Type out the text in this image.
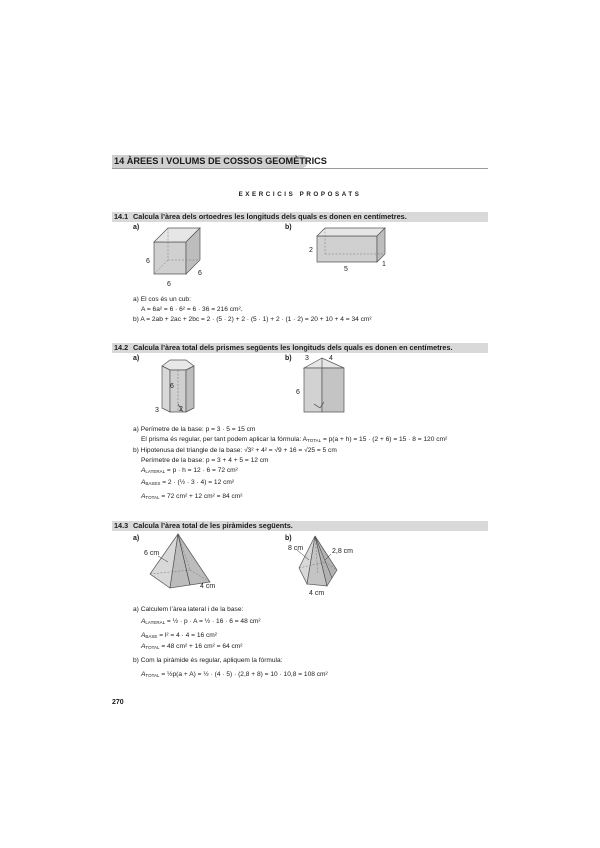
14 ÀREES I VOLUMS DE COSSOS GEOMÈTRICS
EXERCICIS PROPOSATS
14.1 Calcula l’àrea dels ortoedres les longituds dels quals es donen en centímetres.
a)	b)
6
6
6
2
5
1
a) El cos és un cub:
A = 6a² = 6 · 6² = 6 · 36 = 216 cm².
b) A = 2ab + 2ac + 2bc = 2 · (5 · 2) + 2 · (5 · 1) + 2 · (1 · 2) = 20 + 10 + 4 = 34 cm²
14.2 Calcula l’àrea total dels prismes següents les longituds dels quals es donen en centímetres.
a)	b)
6
3	2
3	4
6
a) Perímetre de la base: p = 3 · 5 = 15 cm
El prisma és regular, per tant podem aplicar la fórmula: $A_{TOTAL} = p(a + h) = 15 \cdot (2 + 6) = 15 \cdot 8 = 120$ cm²
b) Hipotenusa del triangle de la base: √3² + 4² = √9 + 16 = √25 = 5 cm
Perímetre de la base: p = 3 + 4 + 5 = 12 cm
$A_{LATERAL} = p \cdot h = 12 \cdot 6 = 72$ cm²
$A_{BASES} = 2$ · (½ · 3 · 4) = 12 cm²
$A_{TOTAL} = 72$ cm² + 12 cm² = 84 cm²
14.3 Calcula l’àrea total de les piràmides següents.
a)	b)
6 cm
4 cm
8 cm	2,8 cm
4 cm
a) Calculem l’àrea lateral i de la base:
$A_{LATERAL}$ = ½ · p · A = ½ · 16 · 6 = 48 cm²
$A_{BASE} = l^2 = 4 \cdot 4 = 16$ cm²
$A_{TOTAL} = 48$ cm² + 16 cm² = 64 cm²
b) Com la piràmide és regular, apliquem la fórmula:
$A_{TOTAL}$ = ½p(a + A) = ½ · (4 · 5) · (2,8 + 8) = 10 · 10,8 = 108 cm²
270
